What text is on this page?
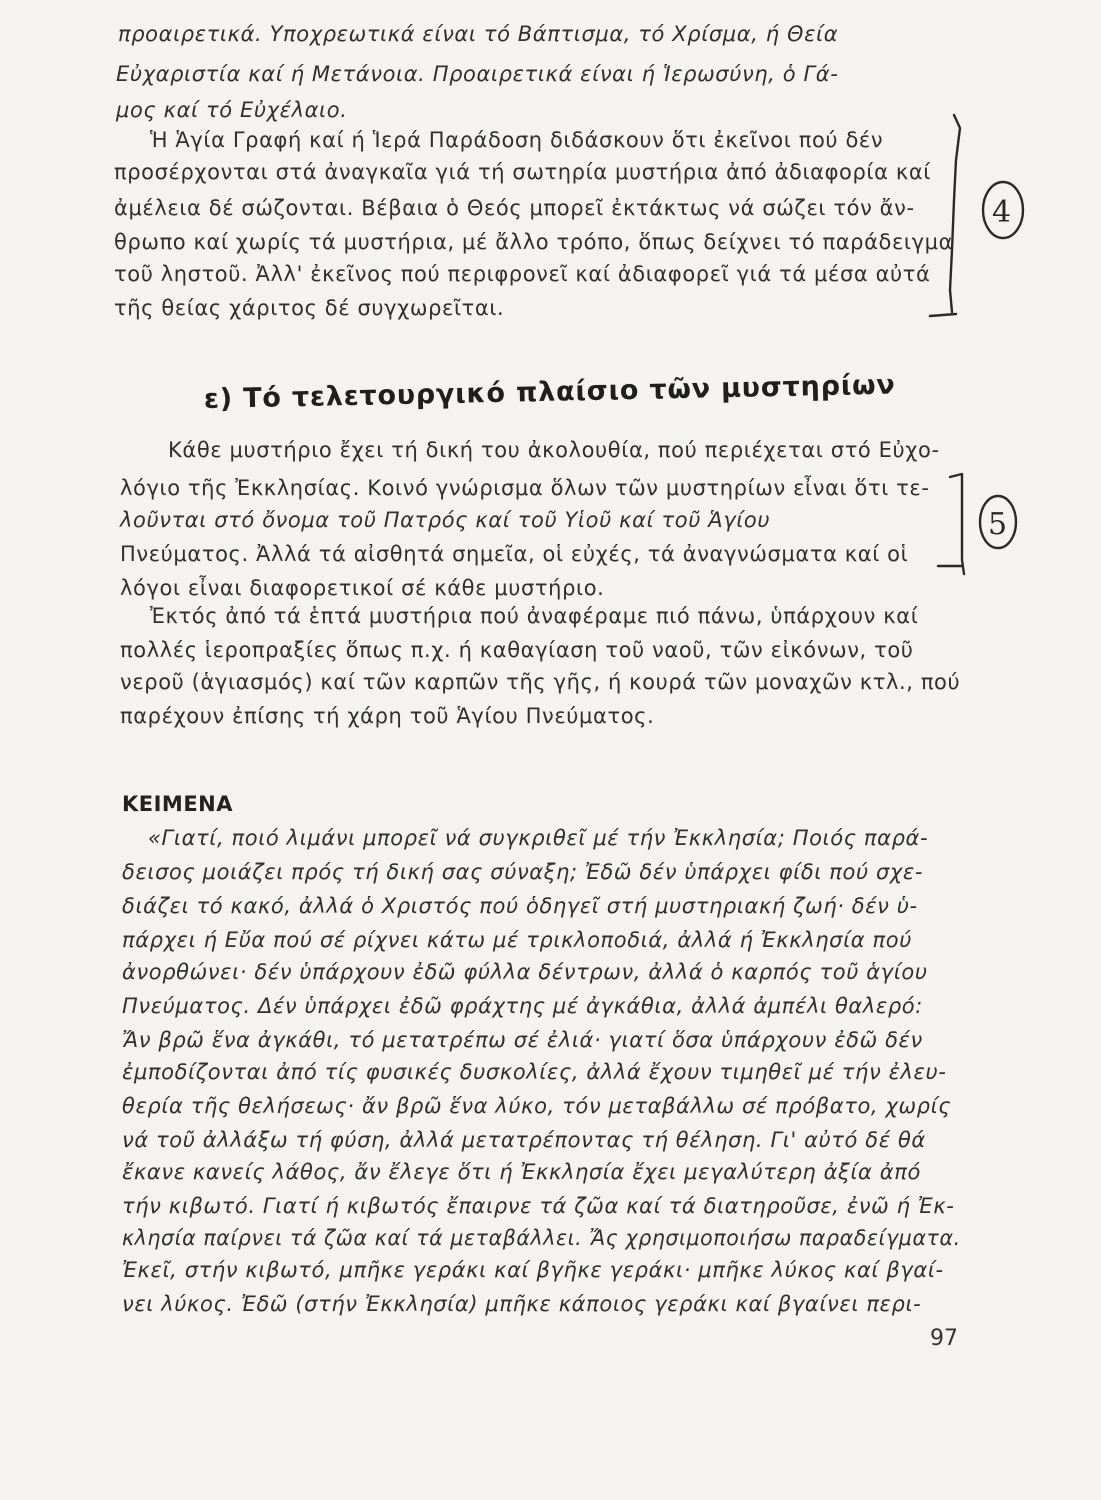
προαιρετικά. Υποχρεωτικά είναι τό Βάπτισμα, τό Χρίσμα, ή Θεία
Εὐχαριστία καί ή Μετάνοια. Προαιρετικά είναι ή Ἱερωσύνη, ὁ Γά-
μος καί τό Εὐχέλαιο.
Ἡ Ἁγία Γραφή καί ή Ἱερά Παράδοση διδάσκουν ὅτι ἐκεῖνοι πού δέν
προσέρχονται στά ἀναγκαῖα γιά τή σωτηρία μυστήρια ἀπό ἀδιαφορία καί
ἀμέλεια δέ σώζονται. Βέβαια ὁ Θεός μπορεῖ ἐκτάκτως νά σώζει τόν ἄν-
θρωπο καί χωρίς τά μυστήρια, μέ ἄλλο τρόπο, ὅπως δείχνει τό παράδειγμα
τοῦ ληστοῦ. Ἀλλ' ἐκεῖνος πού περιφρονεῖ καί ἀδιαφορεῖ γιά τά μέσα αὐτά
τῆς θείας χάριτος δέ συγχωρεῖται.
ε) Τό τελετουργικό πλαίσιο τῶν μυστηρίων
Κάθε μυστήριο ἔχει τή δική του ἀκολουθία, πού περιέχεται στό Εὐχο-
λόγιο τῆς Ἐκκλησίας. Κοινό γνώρισμα ὅλων τῶν μυστηρίων εἶναι ὅτι τε-
λοῦνται στό ὄνομα τοῦ Πατρός καί τοῦ Υἱοῦ καί τοῦ Ἁγίου
Πνεύματος. Ἀλλά τά αἰσθητά σημεῖα, οἱ εὐχές, τά ἀναγνώσματα καί οἱ
λόγοι εἶναι διαφορετικοί σέ κάθε μυστήριο.
Ἐκτός ἀπό τά ἑπτά μυστήρια πού ἀναφέραμε πιό πάνω, ὑπάρχουν καί
πολλές ἱεροπραξίες ὅπως π.χ. ή καθαγίαση τοῦ ναοῦ, τῶν εἰκόνων, τοῦ
νεροῦ (ἁγιασμός) καί τῶν καρπῶν τῆς γῆς, ή κουρά τῶν μοναχῶν κτλ., πού
παρέχουν ἐπίσης τή χάρη τοῦ Ἁγίου Πνεύματος.
ΚΕΙΜΕΝΑ
«Γιατί, ποιό λιμάνι μπορεῖ νά συγκριθεῖ μέ τήν Ἐκκλησία; Ποιός παρά-
δεισος μοιάζει πρός τή δική σας σύναξη; Ἐδῶ δέν ὑπάρχει φίδι πού σχε-
διάζει τό κακό, ἀλλά ὁ Χριστός πού ὁδηγεῖ στή μυστηριακή ζωή· δέν ὑ-
πάρχει ή Εὔα πού σέ ρίχνει κάτω μέ τρικλοποδιά, ἀλλά ή Ἐκκλησία πού
ἀνορθώνει· δέν ὑπάρχουν ἐδῶ φύλλα δέντρων, ἀλλά ὁ καρπός τοῦ ἁγίου
Πνεύματος. Δέν ὑπάρχει ἐδῶ φράχτης μέ ἀγκάθια, ἀλλά ἀμπέλι θαλερό:
Ἄν βρῶ ἕνα ἀγκάθι, τό μετατρέπω σέ ἐλιά· γιατί ὅσα ὑπάρχουν ἐδῶ δέν
ἐμποδίζονται ἀπό τίς φυσικές δυσκολίες, ἀλλά ἔχουν τιμηθεῖ μέ τήν ἐλευ-
θερία τῆς θελήσεως· ἄν βρῶ ἕνα λύκο, τόν μεταβάλλω σέ πρόβατο, χωρίς
νά τοῦ ἀλλάξω τή φύση, ἀλλά μετατρέποντας τή θέληση. Γι' αὐτό δέ θά
ἔκανε κανείς λάθος, ἄν ἔλεγε ὅτι ή Ἐκκλησία ἔχει μεγαλύτερη ἀξία ἀπό
τήν κιβωτό. Γιατί ή κιβωτός ἔπαιρνε τά ζῶα καί τά διατηροῦσε, ἐνῶ ή Ἐκ-
κλησία παίρνει τά ζῶα καί τά μεταβάλλει. Ἄς χρησιμοποιήσω παραδείγματα.
Ἐκεῖ, στήν κιβωτό, μπῆκε γεράκι καί βγῆκε γεράκι· μπῆκε λύκος καί βγαί-
νει λύκος. Ἐδῶ (στήν Ἐκκλησία) μπῆκε κάποιος γεράκι καί βγαίνει περι-
97
4
5
